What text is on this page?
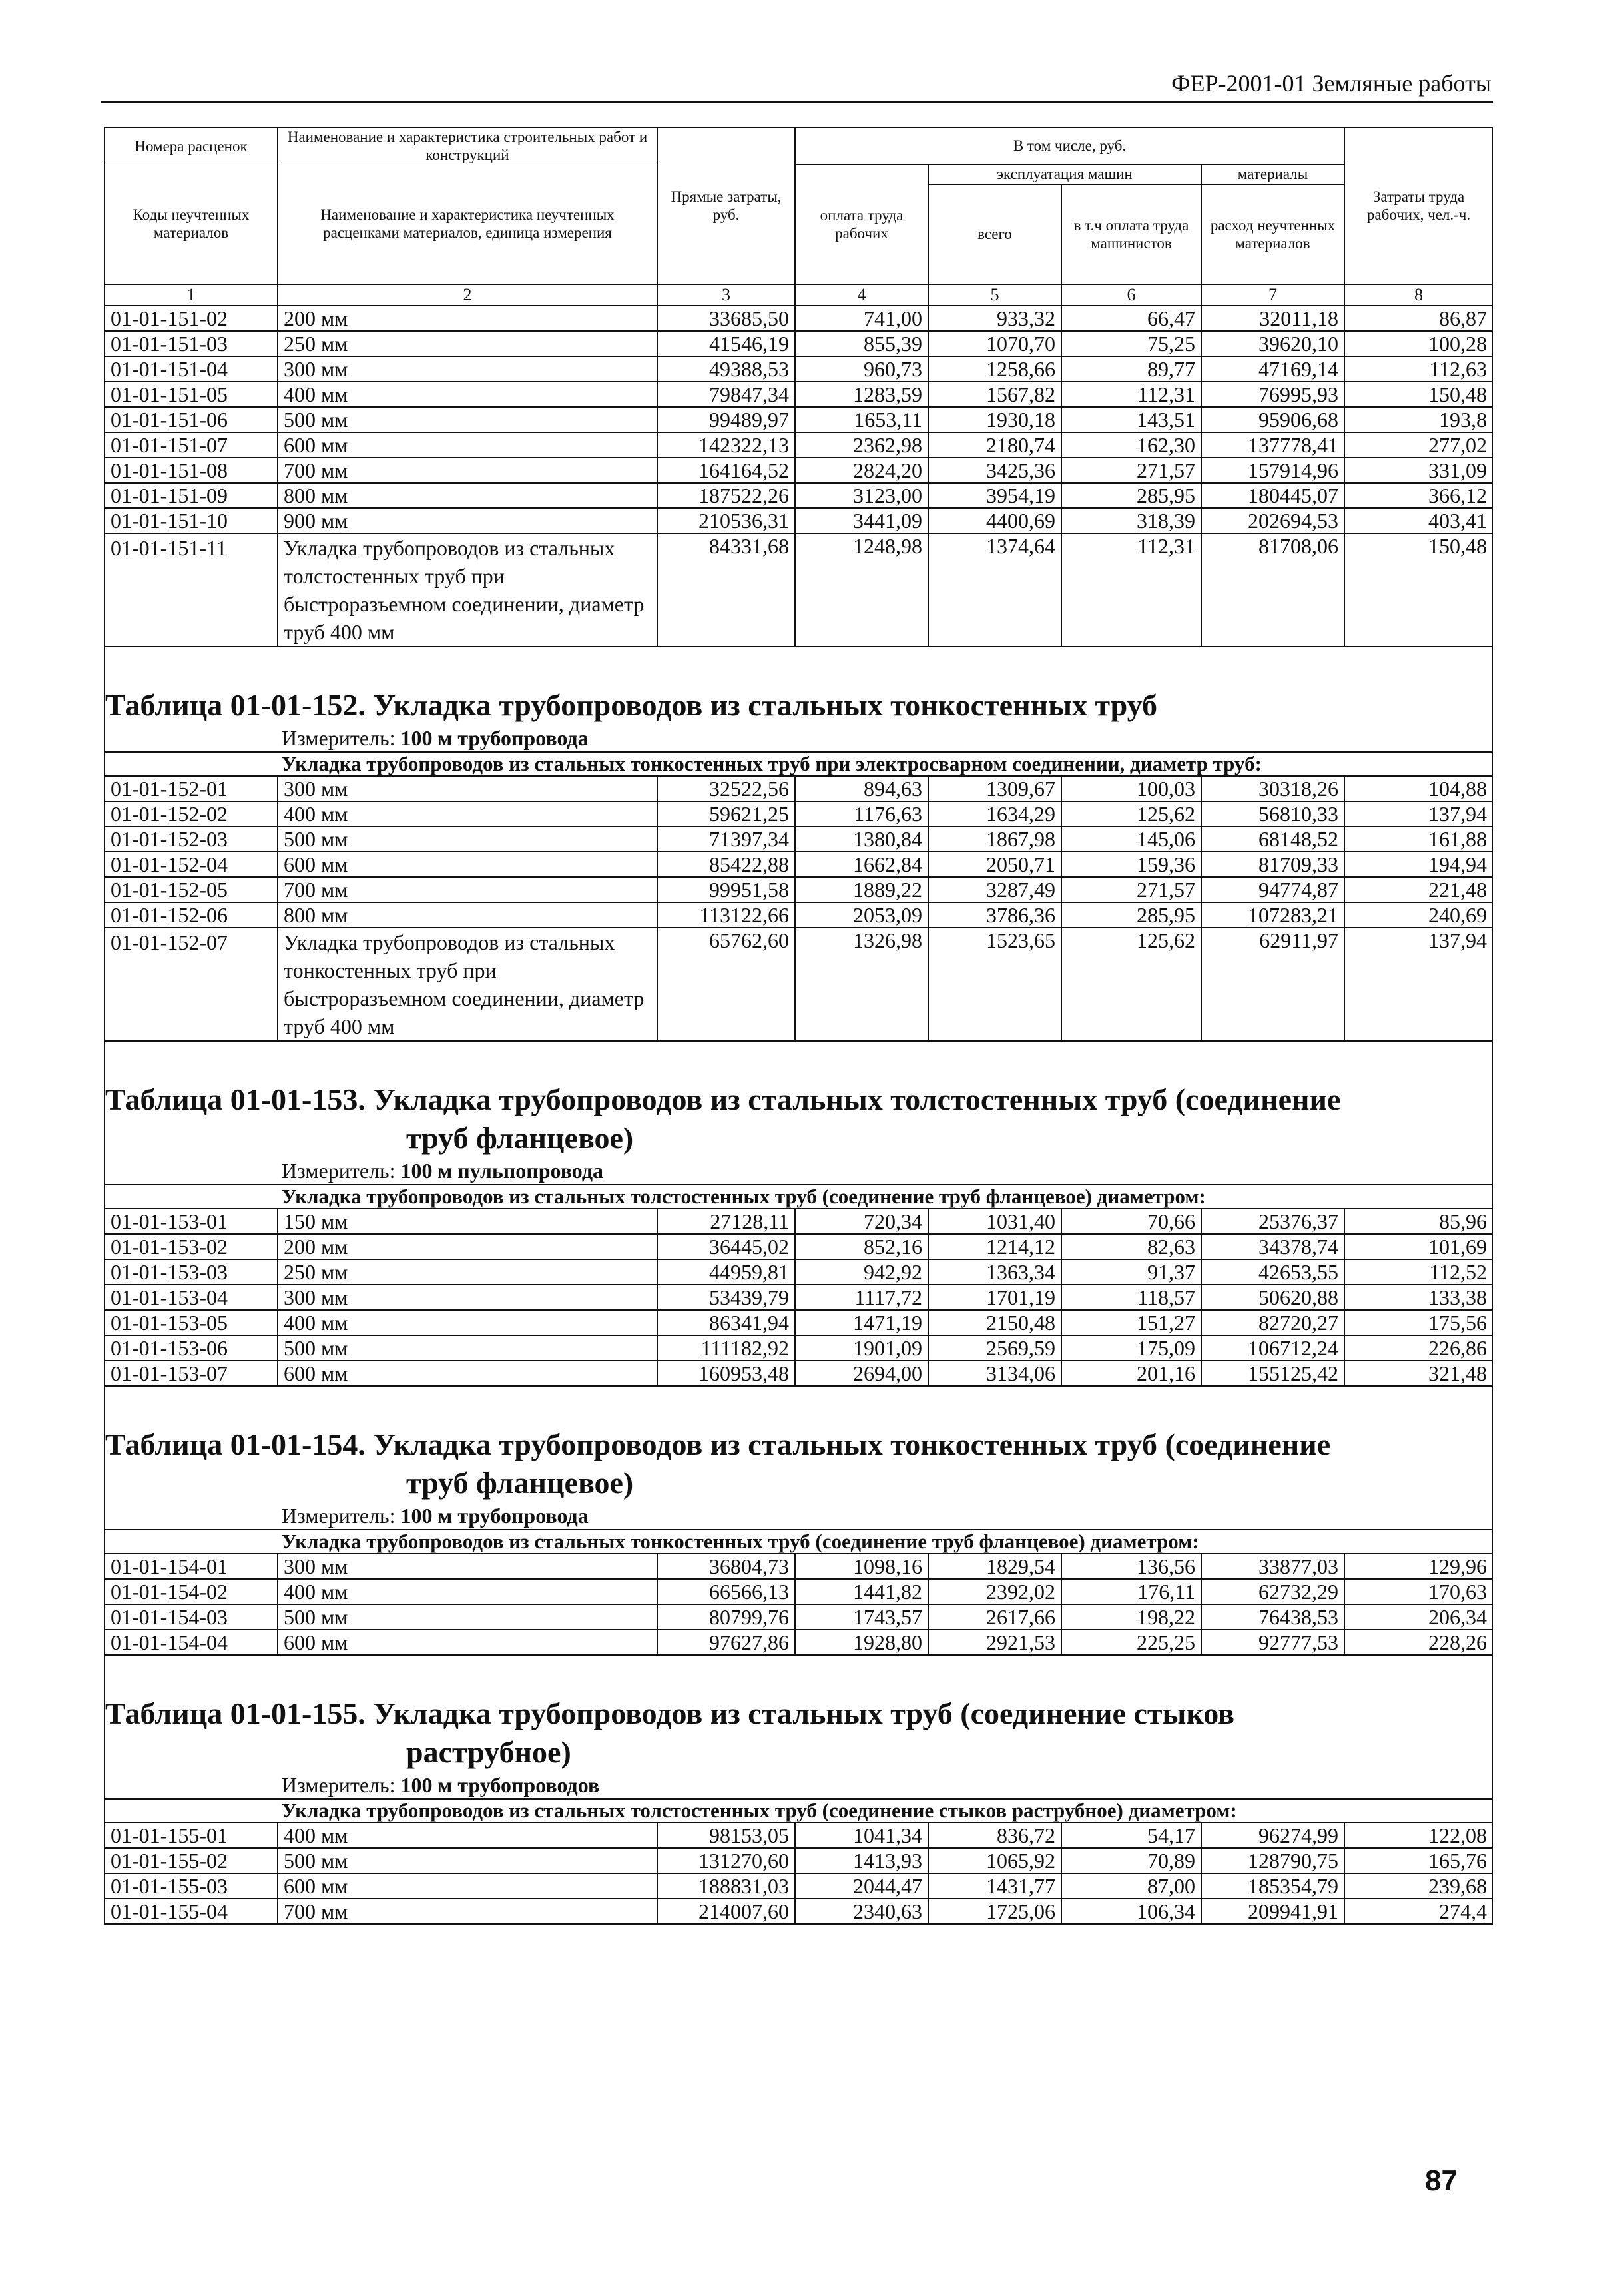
ФЕР-2001-01 Земляные работы
Номера расценок	Наименование и характеристика строительных работ и конструкций	Прямые затраты, руб.	В том числе, руб.				Затраты труда рабочих, чел.-ч.
Коды неучтенных материалов	Наименование и характеристика неучтенных расценками материалов, единица измерения		оплата труда рабочих	эксплуатация машин		материалы	
				всего	в т.ч оплата труда машинистов	расход неучтенных материалов	

1	2	3	4	5	6	7	8
01-01-151-02	200 мм	33685,50	741,00	933,32	66,47	32011,18	86,87
01-01-151-03	250 мм	41546,19	855,39	1070,70	75,25	39620,10	100,28
01-01-151-04	300 мм	49388,53	960,73	1258,66	89,77	47169,14	112,63
01-01-151-05	400 мм	79847,34	1283,59	1567,82	112,31	76995,93	150,48
01-01-151-06	500 мм	99489,97	1653,11	1930,18	143,51	95906,68	193,8
01-01-151-07	600 мм	142322,13	2362,98	2180,74	162,30	137778,41	277,02
01-01-151-08	700 мм	164164,52	2824,20	3425,36	271,57	157914,96	331,09
01-01-151-09	800 мм	187522,26	3123,00	3954,19	285,95	180445,07	366,12
01-01-151-10	900 мм	210536,31	3441,09	4400,69	318,39	202694,53	403,41
01-01-151-11	Укладка трубопроводов из стальных толстостенных труб при быстроразъемном соединении, диаметр труб 400 мм	84331,68	1248,98	1374,64	112,31	81708,06	150,48
Таблица 01-01-152. Укладка трубопроводов из стальных тонкостенных труб							
Измеритель: 100 м трубопровода							
Укладка трубопроводов из стальных тонкостенных труб при электросварном соединении, диаметр труб:							
01-01-152-01	300 мм	32522,56	894,63	1309,67	100,03	30318,26	104,88
01-01-152-02	400 мм	59621,25	1176,63	1634,29	125,62	56810,33	137,94
01-01-152-03	500 мм	71397,34	1380,84	1867,98	145,06	68148,52	161,88
01-01-152-04	600 мм	85422,88	1662,84	2050,71	159,36	81709,33	194,94
01-01-152-05	700 мм	99951,58	1889,22	3287,49	271,57	94774,87	221,48
01-01-152-06	800 мм	113122,66	2053,09	3786,36	285,95	107283,21	240,69
01-01-152-07	Укладка трубопроводов из стальных тонкостенных труб при быстроразъемном соединении, диаметр труб 400 мм	65762,60	1326,98	1523,65	125,62	62911,97	137,94
Таблица 01-01-153. Укладка трубопроводов из стальных толстостенных труб (соединение
труб фланцевое)							

Измеритель: 100 м пульпопровода							
Укладка трубопроводов из стальных толстостенных труб (соединение труб фланцевое) диаметром:							
01-01-153-01	150 мм	27128,11	720,34	1031,40	70,66	25376,37	85,96
01-01-153-02	200 мм	36445,02	852,16	1214,12	82,63	34378,74	101,69
01-01-153-03	250 мм	44959,81	942,92	1363,34	91,37	42653,55	112,52
01-01-153-04	300 мм	53439,79	1117,72	1701,19	118,57	50620,88	133,38
01-01-153-05	400 мм	86341,94	1471,19	2150,48	151,27	82720,27	175,56
01-01-153-06	500 мм	111182,92	1901,09	2569,59	175,09	106712,24	226,86
01-01-153-07	600 мм	160953,48	2694,00	3134,06	201,16	155125,42	321,48
Таблица 01-01-154. Укладка трубопроводов из стальных тонкостенных труб (соединение
труб фланцевое)							

Измеритель: 100 м трубопровода							
Укладка трубопроводов из стальных тонкостенных труб (соединение труб фланцевое) диаметром:							
01-01-154-01	300 мм	36804,73	1098,16	1829,54	136,56	33877,03	129,96
01-01-154-02	400 мм	66566,13	1441,82	2392,02	176,11	62732,29	170,63
01-01-154-03	500 мм	80799,76	1743,57	2617,66	198,22	76438,53	206,34
01-01-154-04	600 мм	97627,86	1928,80	2921,53	225,25	92777,53	228,26
Таблица 01-01-155. Укладка трубопроводов из стальных труб (соединение стыков
раструбное)							

Измеритель: 100 м трубопроводов							
Укладка трубопроводов из стальных толстостенных труб (соединение стыков раструбное) диаметром:							
01-01-155-01	400 мм	98153,05	1041,34	836,72	54,17	96274,99	122,08
01-01-155-02	500 мм	131270,60	1413,93	1065,92	70,89	128790,75	165,76
01-01-155-03	600 мм	188831,03	2044,47	1431,77	87,00	185354,79	239,68
01-01-155-04	700 мм	214007,60	2340,63	1725,06	106,34	209941,91	274,4
87
